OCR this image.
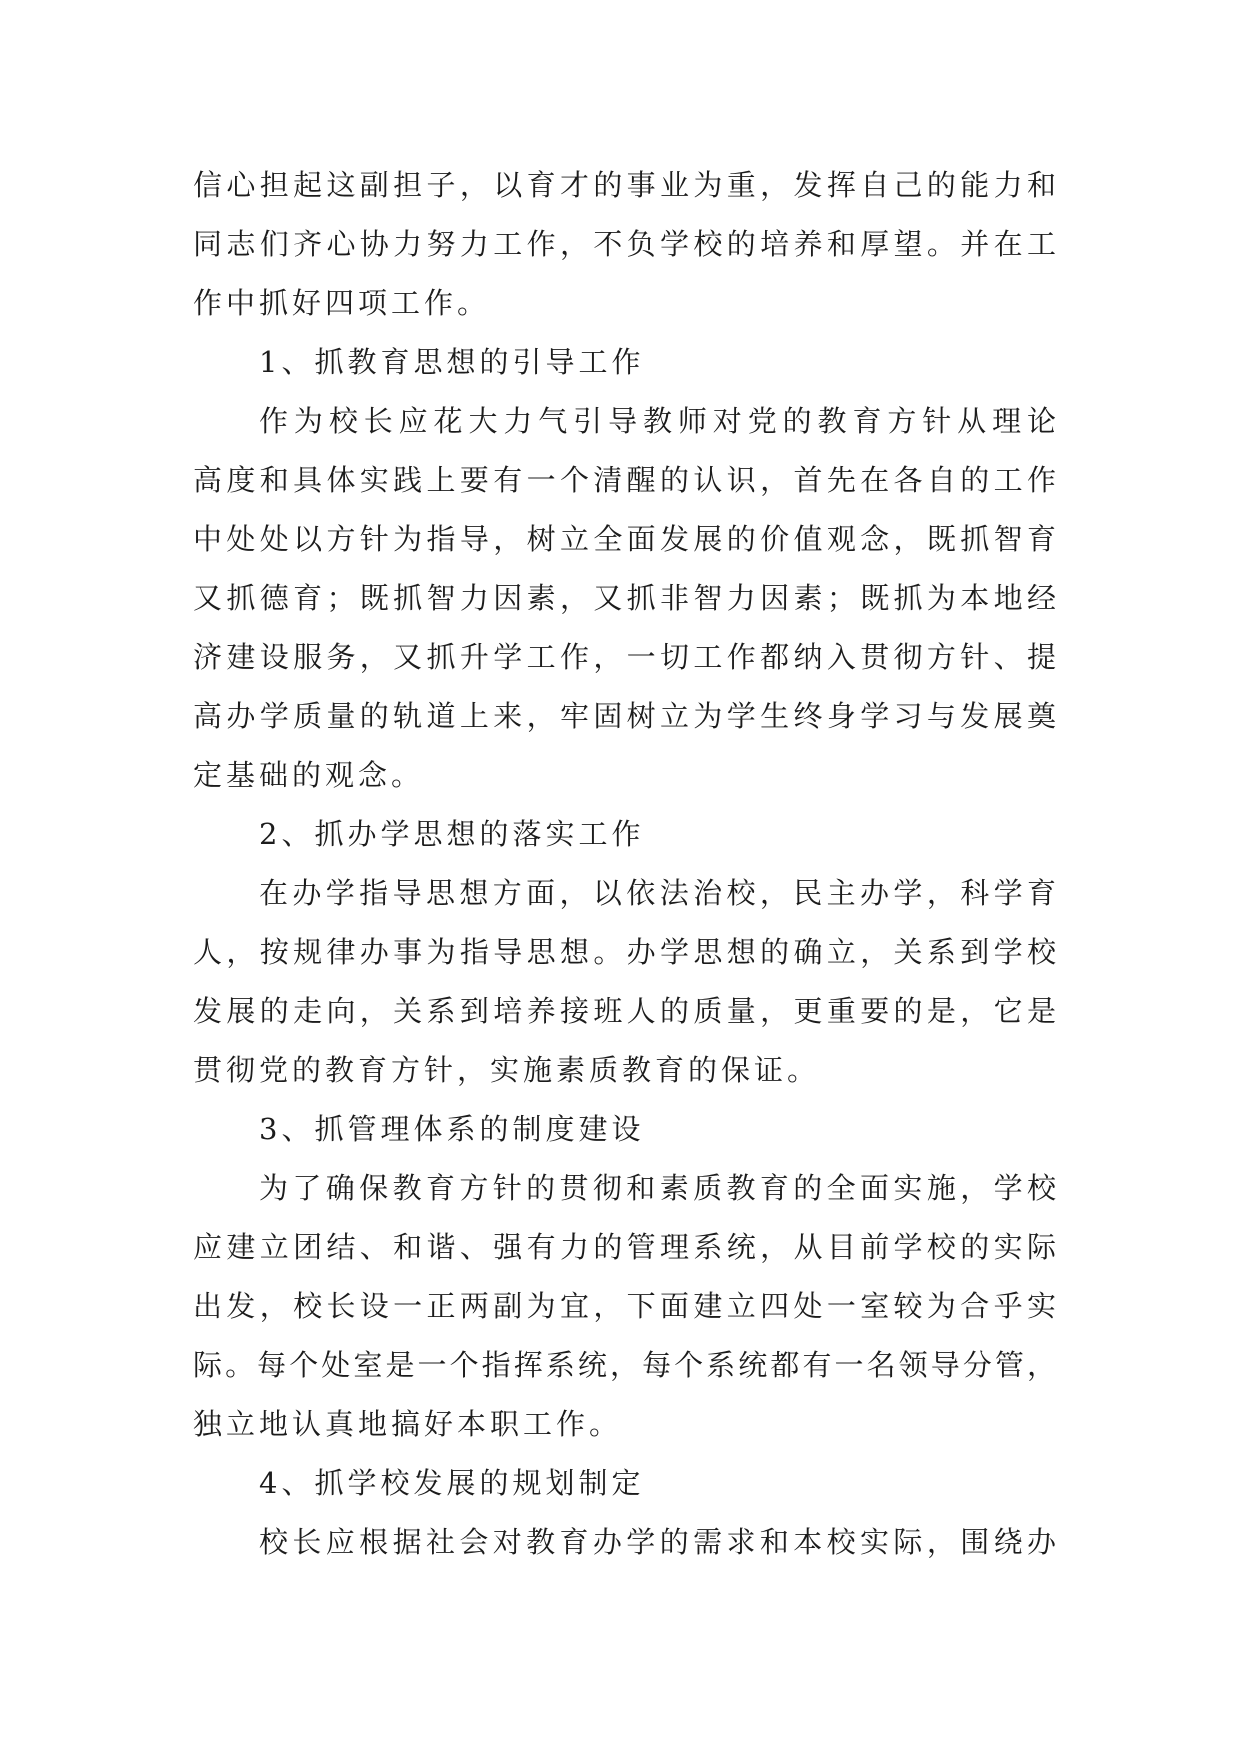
信心担起这副担子，以育才的事业为重，发挥自己的能力和
同志们齐心协力努力工作，不负学校的培养和厚望。并在工
作中抓好四项工作。
1、抓教育思想的引导工作
作为校长应花大力气引导教师对党的教育方针从理论
高度和具体实践上要有一个清醒的认识，首先在各自的工作
中处处以方针为指导，树立全面发展的价值观念，既抓智育
又抓德育；既抓智力因素，又抓非智力因素；既抓为本地经
济建设服务，又抓升学工作，一切工作都纳入贯彻方针、提
高办学质量的轨道上来，牢固树立为学生终身学习与发展奠
定基础的观念。
2、抓办学思想的落实工作
在办学指导思想方面，以依法治校，民主办学，科学育
人，按规律办事为指导思想。办学思想的确立，关系到学校
发展的走向，关系到培养接班人的质量，更重要的是，它是
贯彻党的教育方针，实施素质教育的保证。
3、抓管理体系的制度建设
为了确保教育方针的贯彻和素质教育的全面实施，学校
应建立团结、和谐、强有力的管理系统，从目前学校的实际
出发，校长设一正两副为宜，下面建立四处一室较为合乎实
际。每个处室是一个指挥系统，每个系统都有一名领导分管，
独立地认真地搞好本职工作。
4、抓学校发展的规划制定
校长应根据社会对教育办学的需求和本校实际，围绕办
